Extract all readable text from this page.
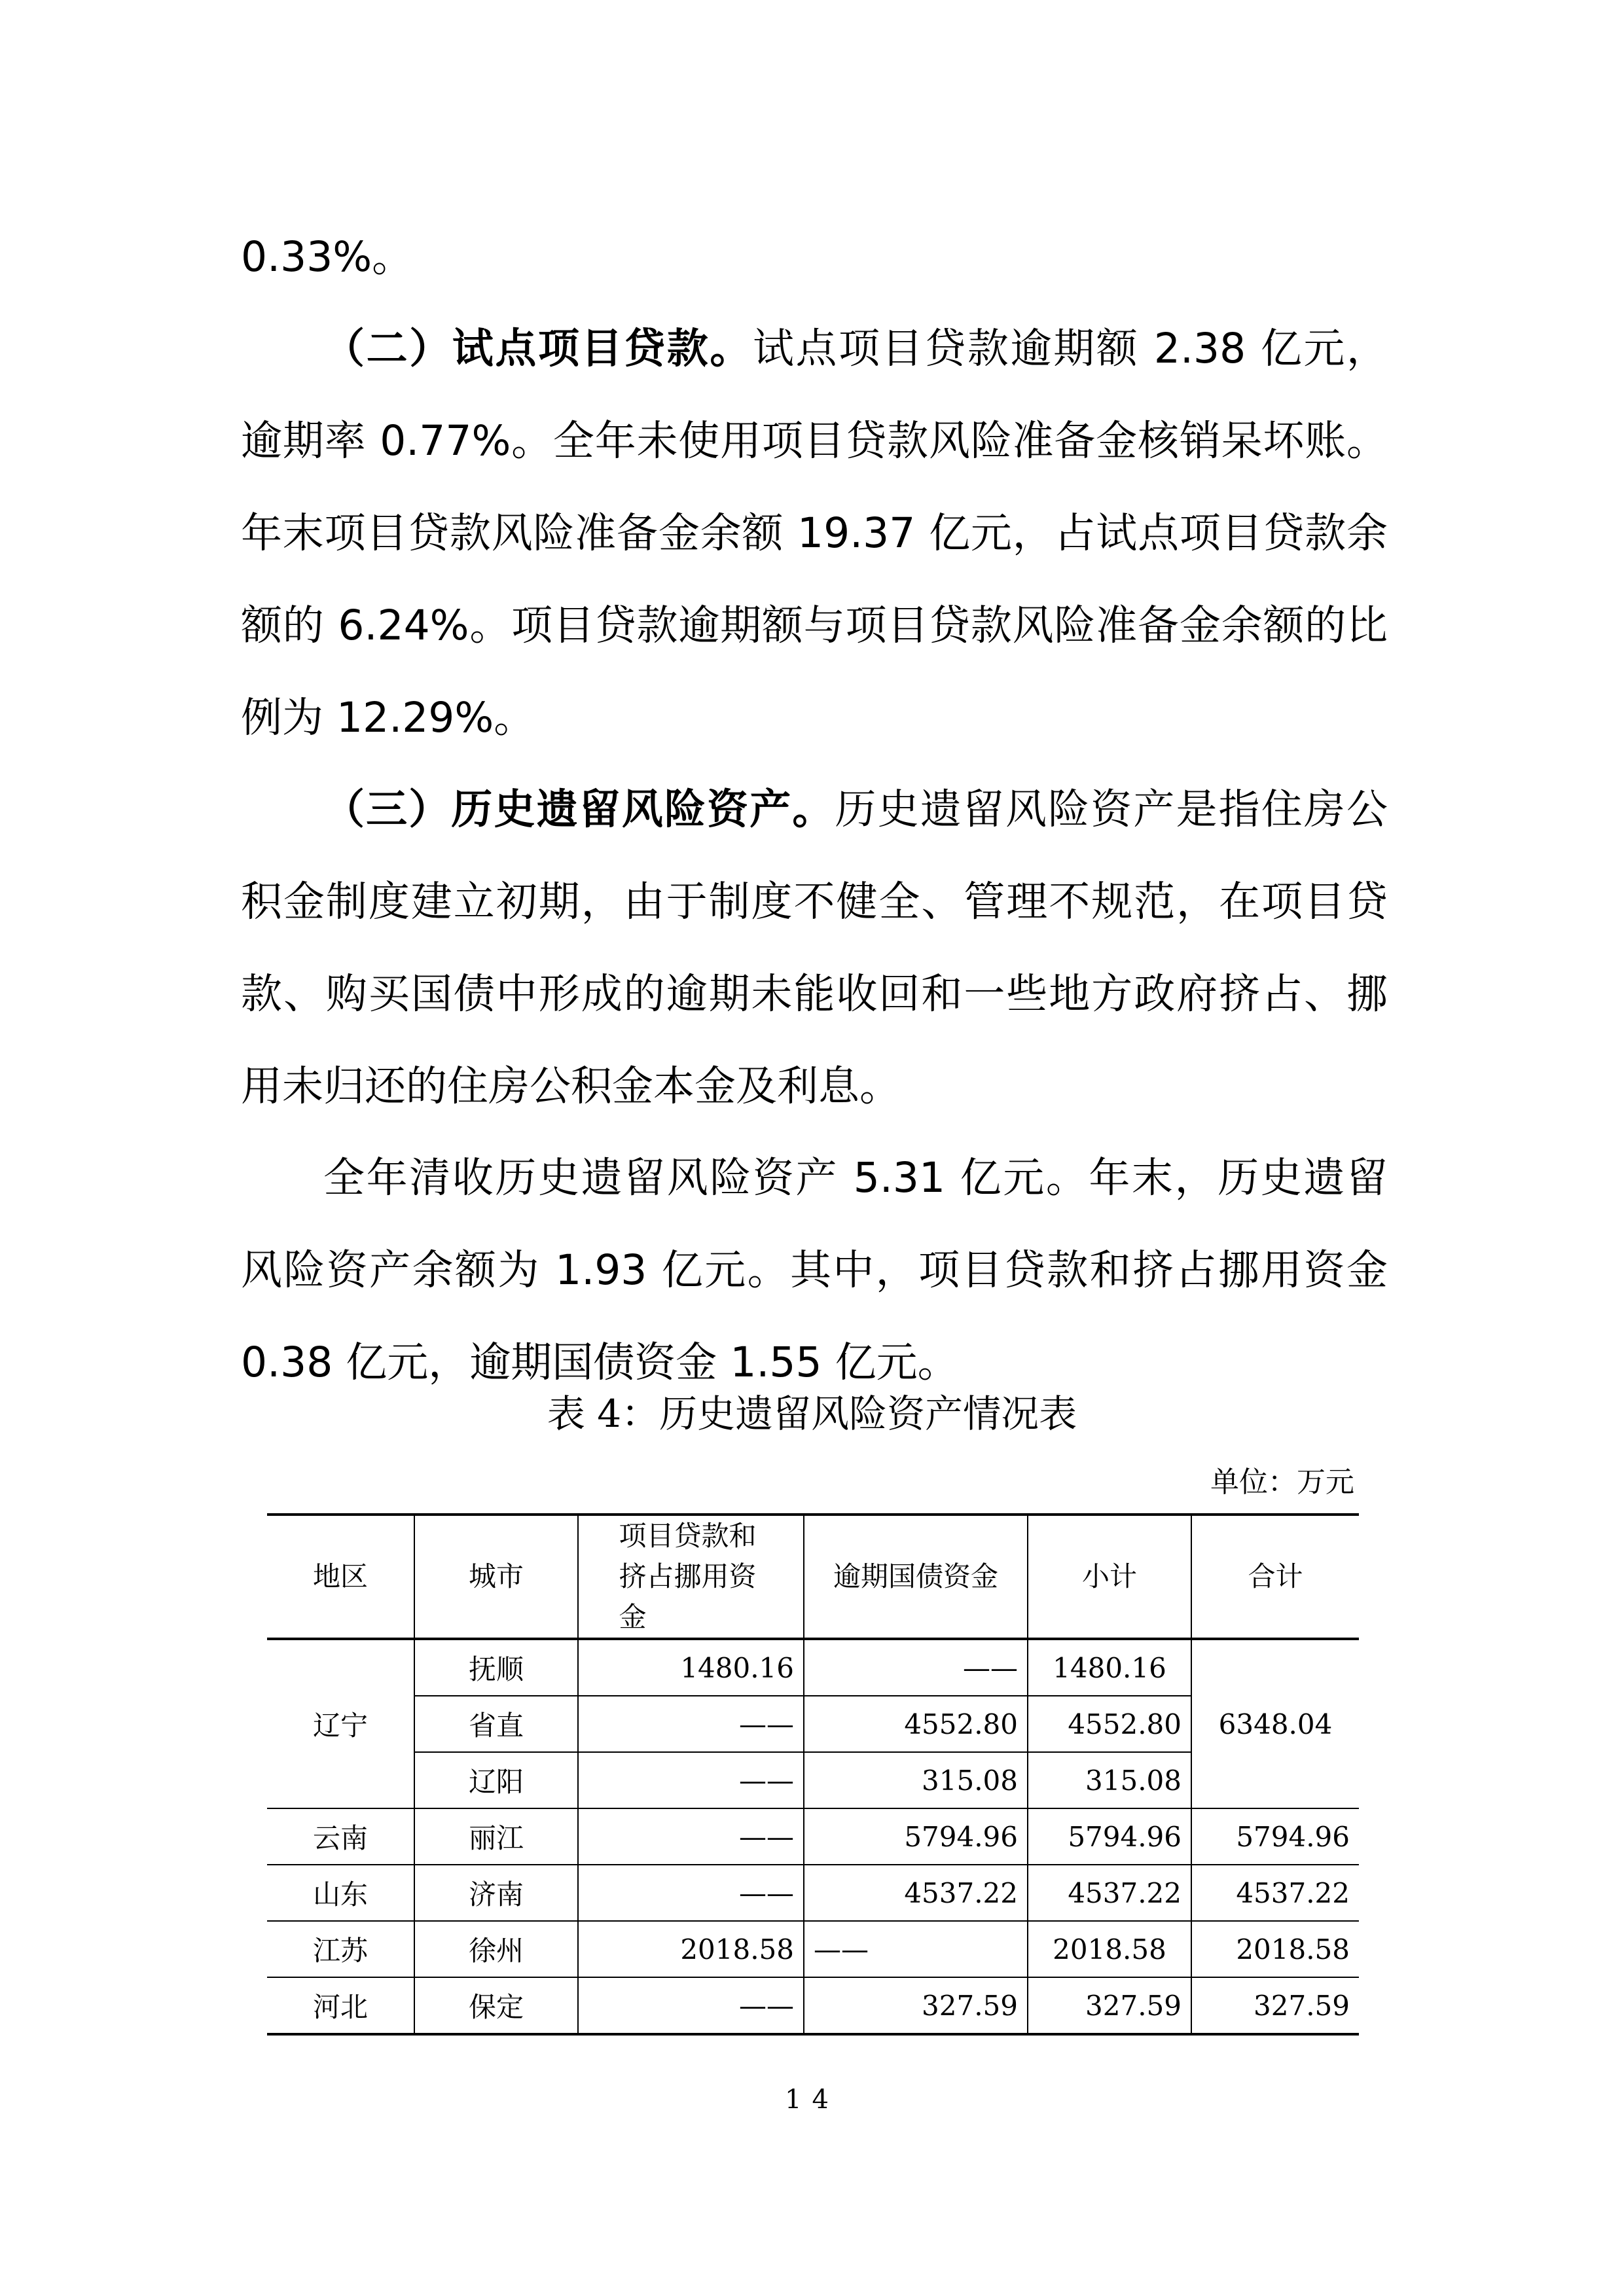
0.33%。

（二）试点项目贷款。试点项目贷款逾期额 2.38 亿元，逾期率 0.77%。全年未使用项目贷款风险准备金核销呆坏账。年末项目贷款风险准备金余额 19.37 亿元，占试点项目贷款余额的 6.24%。项目贷款逾期额与项目贷款风险准备金余额的比例为 12.29%。

（三）历史遗留风险资产。历史遗留风险资产是指住房公积金制度建立初期，由于制度不健全、管理不规范，在项目贷款、购买国债中形成的逾期未能收回和一些地方政府挤占、挪用未归还的住房公积金本金及利息。

全年清收历史遗留风险资产 5.31 亿元。年末，历史遗留风险资产余额为 1.93 亿元。其中，项目贷款和挤占挪用资金 0.38 亿元，逾期国债资金 1.55 亿元。

表 4：历史遗留风险资产情况表
单位：万元
地区	城市	项目贷款和挤占挪用资金	逾期国债资金	小计	合计
辽宁	抚顺	1480.16	——	1480.16	6348.04
	省直	——	4552.80	4552.80	
	辽阳	——	315.08	315.08	
云南	丽江	——	5794.96	5794.96	5794.96
山东	济南	——	4537.22	4537.22	4537.22
江苏	徐州	2018.58	——	2018.58	2018.58
河北	保定	——	327.59	327.59	327.59
14
